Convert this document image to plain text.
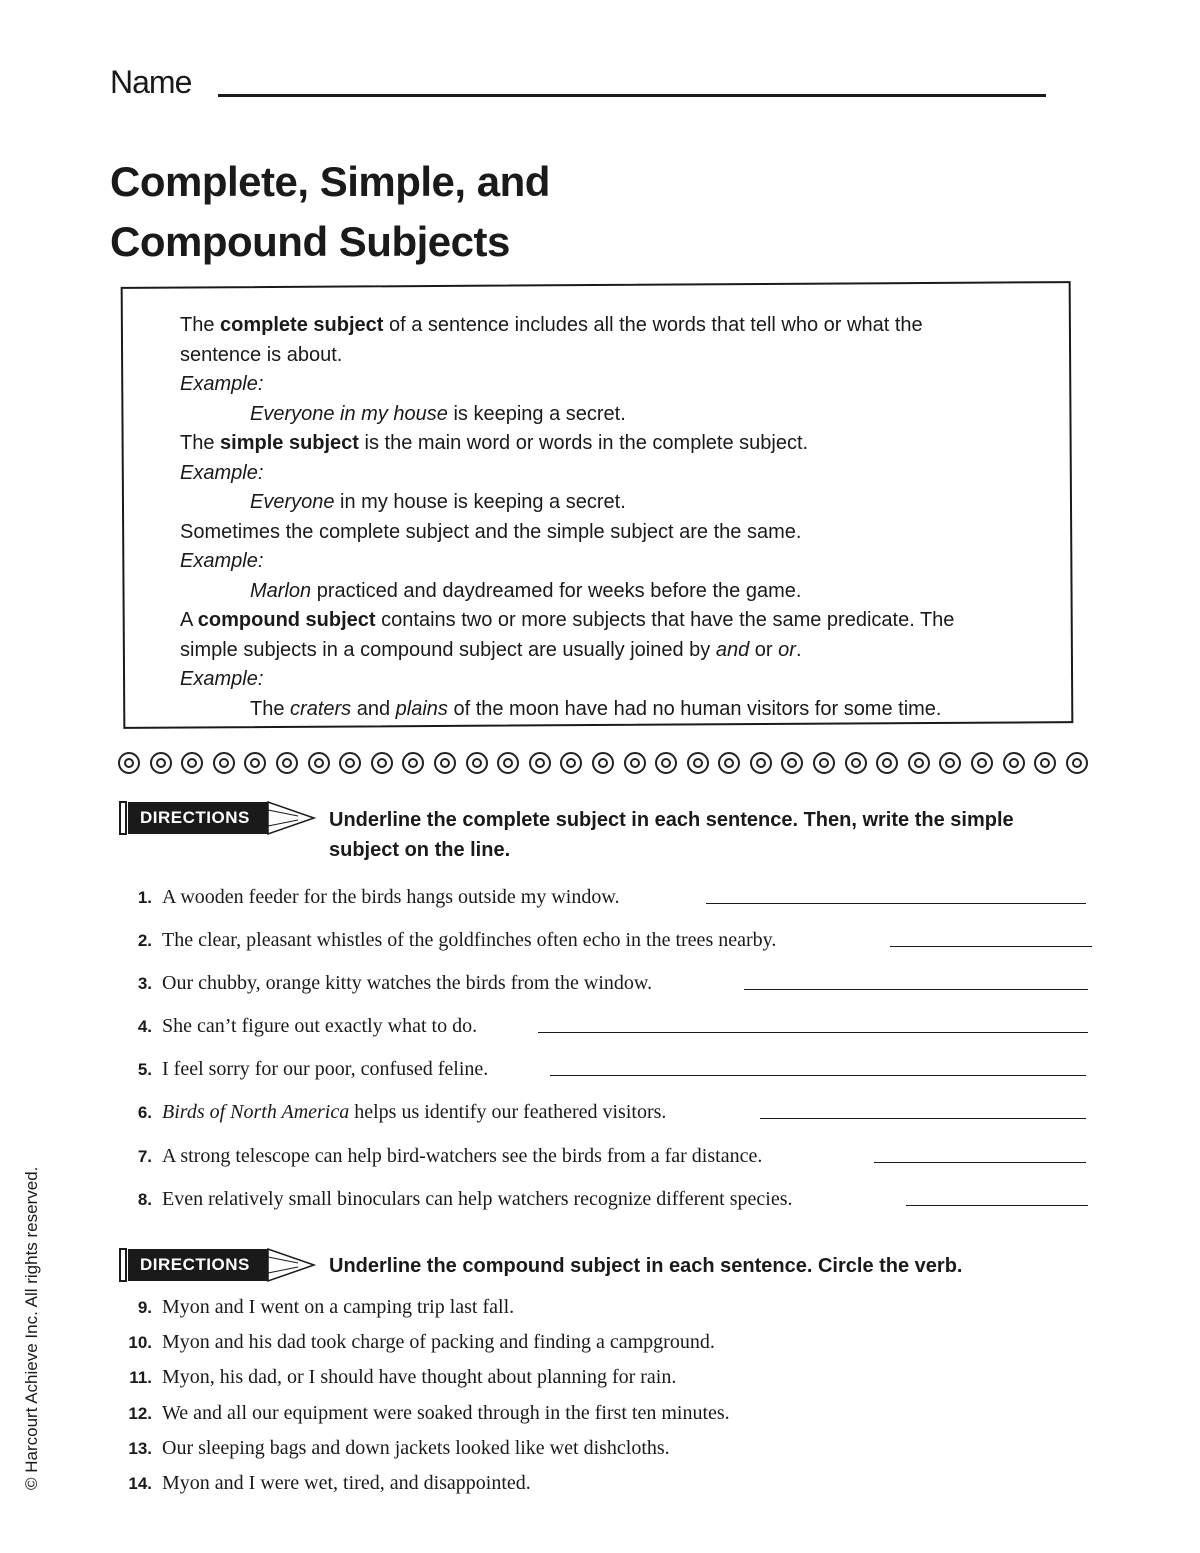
Name
Complete, Simple, and
Compound Subjects
The complete subject of a sentence includes all the words that tell who or what the
sentence is about.
Example:
Everyone in my house is keeping a secret.
The simple subject is the main word or words in the complete subject.
Example:
Everyone in my house is keeping a secret.
Sometimes the complete subject and the simple subject are the same.
Example:
Marlon practiced and daydreamed for weeks before the game.
A compound subject contains two or more subjects that have the same predicate. The
simple subjects in a compound subject are usually joined by and or or.
Example:
The craters and plains of the moon have had no human visitors for some time.
DIRECTIONS	Underline the complete subject in each sentence. Then, write the simple
subject on the line.
1. A wooden feeder for the birds hangs outside my window.
2. The clear, pleasant whistles of the goldfinches often echo in the trees nearby.
3. Our chubby, orange kitty watches the birds from the window.
4. She can’t figure out exactly what to do.
5. I feel sorry for our poor, confused feline.
6. Birds of North America helps us identify our feathered visitors.
7. A strong telescope can help bird-watchers see the birds from a far distance.
8. Even relatively small binoculars can help watchers recognize different species.
DIRECTIONS	Underline the compound subject in each sentence. Circle the verb.
9. Myon and I went on a camping trip last fall.
10. Myon and his dad took charge of packing and finding a campground.
11. Myon, his dad, or I should have thought about planning for rain.
12. We and all our equipment were soaked through in the first ten minutes.
13. Our sleeping bags and down jackets looked like wet dishcloths.
14. Myon and I were wet, tired, and disappointed.
© Harcourt Achieve Inc. All rights reserved.
